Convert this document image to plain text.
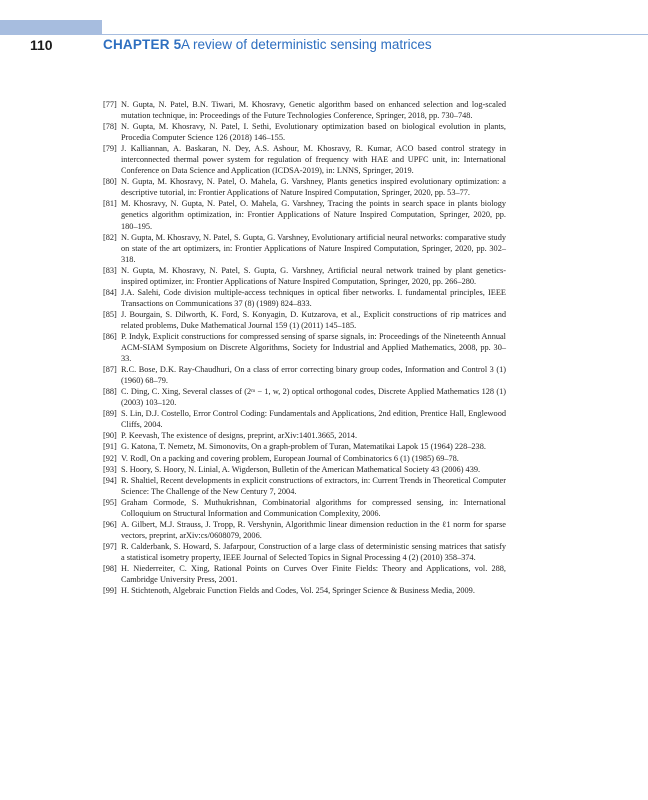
110	CHAPTER 5 A review of deterministic sensing matrices
[77] N. Gupta, N. Patel, B.N. Tiwari, M. Khosravy, Genetic algorithm based on enhanced selection and log-scaled mutation technique, in: Proceedings of the Future Technologies Conference, Springer, 2018, pp. 730–748.
[78] N. Gupta, M. Khosravy, N. Patel, I. Sethi, Evolutionary optimization based on biological evolution in plants, Procedia Computer Science 126 (2018) 146–155.
[79] J. Kalliannan, A. Baskaran, N. Dey, A.S. Ashour, M. Khosravy, R. Kumar, ACO based control strategy in interconnected thermal power system for regulation of frequency with HAE and UPFC unit, in: International Conference on Data Science and Application (ICDSA-2019), in: LNNS, Springer, 2019.
[80] N. Gupta, M. Khosravy, N. Patel, O. Mahela, G. Varshney, Plants genetics inspired evolutionary optimization: a descriptive tutorial, in: Frontier Applications of Nature Inspired Computation, Springer, 2020, pp. 53–77.
[81] M. Khosravy, N. Gupta, N. Patel, O. Mahela, G. Varshney, Tracing the points in search space in plants biology genetics algorithm optimization, in: Frontier Applications of Nature Inspired Computation, Springer, 2020, pp. 180–195.
[82] N. Gupta, M. Khosravy, N. Patel, S. Gupta, G. Varshney, Evolutionary artificial neural networks: comparative study on state of the art optimizers, in: Frontier Applications of Nature Inspired Computation, Springer, 2020, pp. 302–318.
[83] N. Gupta, M. Khosravy, N. Patel, S. Gupta, G. Varshney, Artificial neural network trained by plant genetics-inspired optimizer, in: Frontier Applications of Nature Inspired Computation, Springer, 2020, pp. 266–280.
[84] J.A. Salehi, Code division multiple-access techniques in optical fiber networks. I. fundamental principles, IEEE Transactions on Communications 37 (8) (1989) 824–833.
[85] J. Bourgain, S. Dilworth, K. Ford, S. Konyagin, D. Kutzarova, et al., Explicit constructions of rip matrices and related problems, Duke Mathematical Journal 159 (1) (2011) 145–185.
[86] P. Indyk, Explicit constructions for compressed sensing of sparse signals, in: Proceedings of the Nineteenth Annual ACM-SIAM Symposium on Discrete Algorithms, Society for Industrial and Applied Mathematics, 2008, pp. 30–33.
[87] R.C. Bose, D.K. Ray-Chaudhuri, On a class of error correcting binary group codes, Information and Control 3 (1) (1960) 68–79.
[88] C. Ding, C. Xing, Several classes of (2ᵐ − 1, w, 2) optical orthogonal codes, Discrete Applied Mathematics 128 (1) (2003) 103–120.
[89] S. Lin, D.J. Costello, Error Control Coding: Fundamentals and Applications, 2nd edition, Prentice Hall, Englewood Cliffs, 2004.
[90] P. Keevash, The existence of designs, preprint, arXiv:1401.3665, 2014.
[91] G. Katona, T. Nemetz, M. Simonovits, On a graph-problem of Turan, Matematikai Lapok 15 (1964) 228–238.
[92] V. Rodl, On a packing and covering problem, European Journal of Combinatorics 6 (1) (1985) 69–78.
[93] S. Hoory, S. Hoory, N. Linial, A. Wigderson, Bulletin of the American Mathematical Society 43 (2006) 439.
[94] R. Shaltiel, Recent developments in explicit constructions of extractors, in: Current Trends in Theoretical Computer Science: The Challenge of the New Century 7, 2004.
[95] Graham Cormode, S. Muthukrishnan, Combinatorial algorithms for compressed sensing, in: International Colloquium on Structural Information and Communication Complexity, 2006.
[96] A. Gilbert, M.J. Strauss, J. Tropp, R. Vershynin, Algorithmic linear dimension reduction in the ℓ1 norm for sparse vectors, preprint, arXiv:cs/0608079, 2006.
[97] R. Calderbank, S. Howard, S. Jafarpour, Construction of a large class of deterministic sensing matrices that satisfy a statistical isometry property, IEEE Journal of Selected Topics in Signal Processing 4 (2) (2010) 358–374.
[98] H. Niederreiter, C. Xing, Rational Points on Curves Over Finite Fields: Theory and Applications, vol. 288, Cambridge University Press, 2001.
[99] H. Stichtenoth, Algebraic Function Fields and Codes, Vol. 254, Springer Science & Business Media, 2009.
